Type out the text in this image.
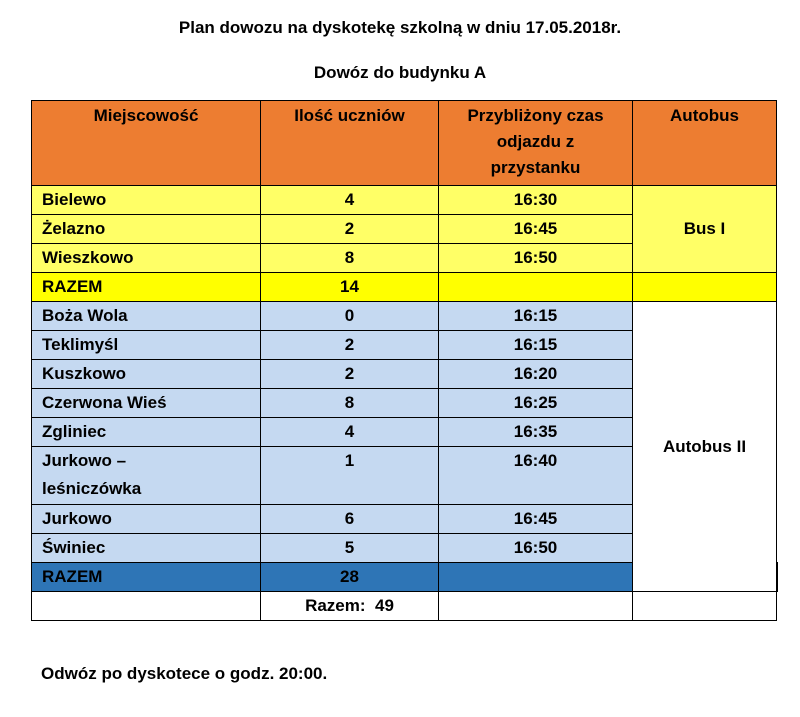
Plan dowozu na dyskotekę szkolną w dniu 17.05.2018r.
Dowóz do budynku A
Miejscowość	Ilość uczniów	Przybliżony czas odjazdu z przystanku	Autobus	
Bielewo	4	16:30	Bus I	
Żelazno	2	16:45		
Wieszkowo	8	16:50		
RAZEM	14			
Boża Wola	0	16:15	Autobus II	
Teklimyśl	2	16:15		
Kuszkowo	2	16:20		
Czerwona Wieś	8	16:25		
Zgliniec	4	16:35		
Jurkowo – leśniczówka	1	16:40		
Jurkowo	6	16:45		
Świniec	5	16:50		
RAZEM	28			
	Razem:  49			
Odwóz po dyskotece o godz. 20:00.
